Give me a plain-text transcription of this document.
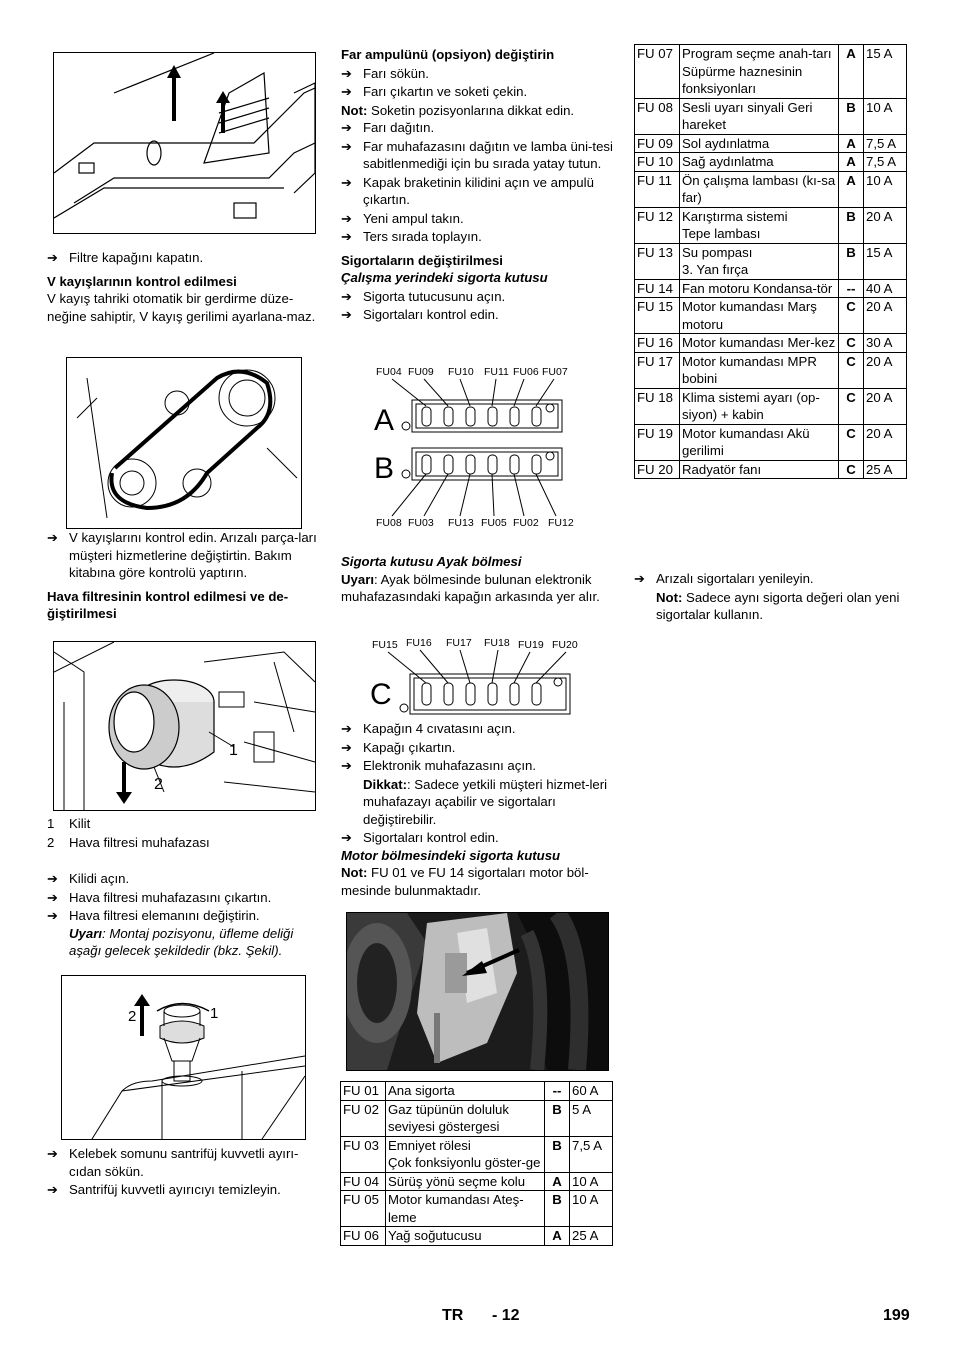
➔ Filtre kapağını kapatın.
V kayışlarının kontrol edilmesi
V kayış tahriki otomatik bir gerdirme düze-neğine sahiptir, V kayış gerilimi ayarlana-maz.
➔ V kayışlarını kontrol edin. Arızalı parça-ları müşteri hizmetlerine değiştirtin. Bakım kitabına göre kontrolü yaptırın.
Hava filtresinin kontrol edilmesi ve de-ğiştirilmesi
1
2
1 Kilit
2 Hava filtresi muhafazası
➔ Kilidi açın.
➔ Hava filtresi muhafazasını çıkartın.
➔ Hava filtresi elemanını değiştirin.
Uyarı: Montaj pozisyonu, üfleme deliği aşağı gelecek şekildedir (bkz. Şekil).
2	1
➔ Kelebek somunu santrifüj kuvvetli ayırı-cıdan sökün.
➔ Santrifüj kuvvetli ayırıcıyı temizleyin.
Far ampulünü (opsiyon) değiştirin
➔ Farı sökün.
➔ Farı çıkartın ve soketi çekin.
Not: Soketin pozisyonlarına dikkat edin.
➔ Farı dağıtın.
➔ Far muhafazasını dağıtın ve lamba üni-tesi sabitlenmediği için bu sırada yatay tutun.
➔ Kapak braketinin kilidini açın ve ampulü çıkartın.
➔ Yeni ampul takın.
➔ Ters sırada toplayın.
Sigortaların değiştirilmesi
Çalışma yerindeki sigorta kutusu
➔ Sigorta tutucusunu açın.
➔ Sigortaları kontrol edin.
FU04 FU09 FU10 FU11 FU06 FU07
FU08 FU03 FU13 FU05 FU02 FU12
A
B
Sigorta kutusu Ayak bölmesi
Uyarı: Ayak bölmesinde bulunan elektronik muhafazasındaki kapağın arkasında yer alır.
FU15 FU16 FU17 FU18 FU19 FU20
C
➔ Kapağın 4 cıvatasını açın.
➔ Kapağı çıkartın.
➔ Elektronik muhafazasını açın.
Dikkat:: Sadece yetkili müşteri hizmet-leri muhafazayı açabilir ve sigortaları değiştirebilir.
➔ Sigortaları kontrol edin.
Motor bölmesindeki sigorta kutusu
Not: FU 01 ve FU 14 sigortaları motor böl-mesinde bulunmaktadır.
FU 01	Ana sigorta	--	60 A
FU 02	Gaz tüpünün doluluk seviyesi göstergesi	B	5 A
FU 03	Emniyet rölesi
Çok fonksiyonlu göster-ge	B	7,5 A
FU 04	Sürüş yönü seçme kolu	A	10 A
FU 05	Motor kumandası Ateş-leme	B	10 A
FU 06	Yağ soğutucusu	A	25 A
FU 07	Program seçme anah-tarı
Süpürme haznesinin fonksiyonları	A	15 A
FU 08	Sesli uyarı sinyali Geri hareket	B	10 A
FU 09	Sol aydınlatma	A	7,5 A
FU 10	Sağ aydınlatma	A	7,5 A
FU 11	Ön çalışma lambası (kı-sa far)	A	10 A
FU 12	Karıştırma sistemi
Tepe lambası	B	20 A
FU 13	Su pompası
3. Yan fırça	B	15 A
FU 14	Fan motoru Kondansa-tör	--	40 A
FU 15	Motor kumandası Marş motoru	C	20 A
FU 16	Motor kumandası Mer-kez	C	30 A
FU 17	Motor kumandası MPR bobini	C	20 A
FU 18	Klima sistemi ayarı (op-siyon) + kabin	C	20 A
FU 19	Motor kumandası Akü gerilimi	C	20 A
FU 20	Radyatör fanı	C	25 A
➔ Arızalı sigortaları yenileyin.
Not: Sadece aynı sigorta değeri olan yeni sigortalar kullanın.
TR - 12	199
